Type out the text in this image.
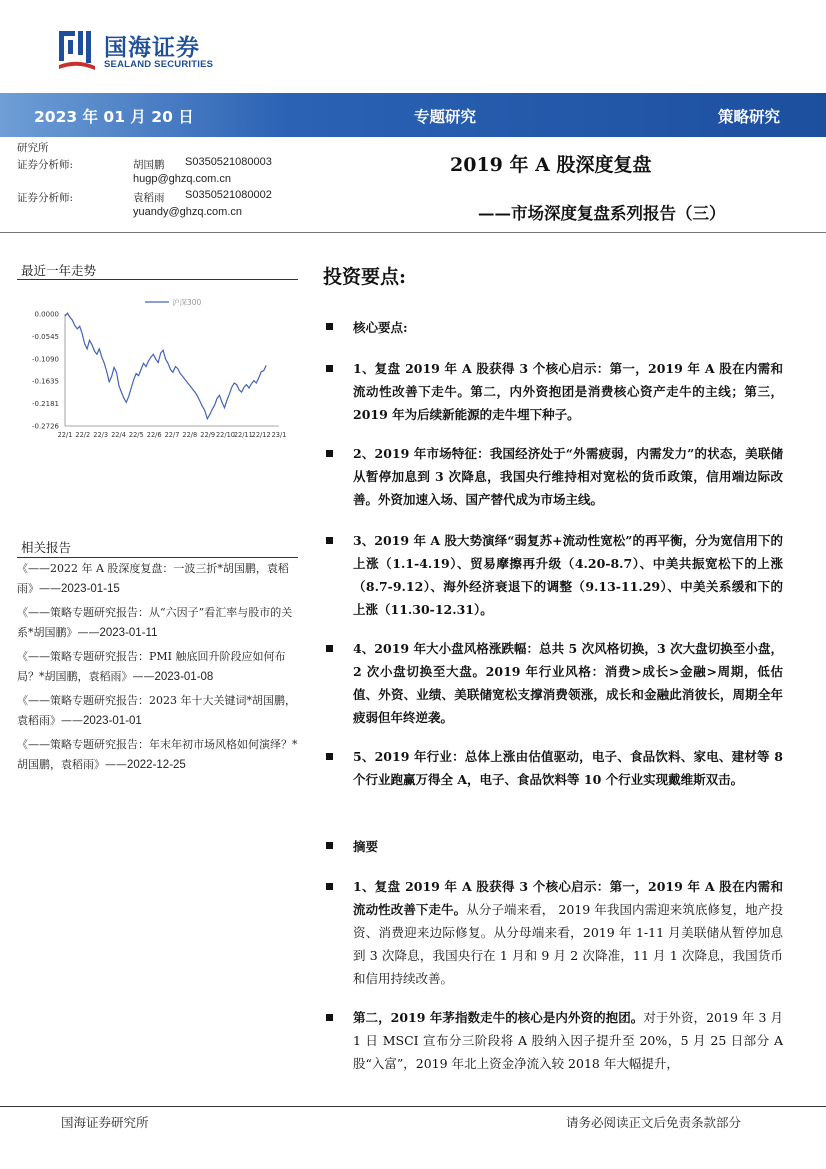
国海证券
SEALAND SECURITIES
2023 年 01 月 20 日	专题研究	策略研究
研究所
证券分析师:	胡国鹏 S0350521080003
hugp@ghzq.com.cn
证券分析师:	袁稻雨 S0350521080002
yuandy@ghzq.com.cn
2019 年 A 股深度复盘
——市场深度复盘系列报告（三）
最近一年走势
0.0000
-0.0545
-0.1090
-0.1635
-0.2181
-0.2726
22/1 22/2 22/3 22/4 22/5 22/6 22/7 22/8 22/9 22/10
22/11
22/12 23/1
沪深300
相关报告
《——2022 年 A 股深度复盘：一波三折*胡国鹏，袁稻雨》——2023-01-15
《——策略专题研究报告：从“六因子”看汇率与股市的关系*胡国鹏》——2023-01-11
《——策略专题研究报告：PMI 触底回升阶段应如何布局？*胡国鹏，袁稻雨》——2023-01-08
《——策略专题研究报告：2023 年十大关键词*胡国鹏，袁稻雨》——2023-01-01
《——策略专题研究报告：年末年初市场风格如何演绎？*胡国鹏，袁稻雨》——2022-12-25
投资要点:
核心要点:
1、复盘 2019 年 A 股获得 3 个核心启示：第一，2019 年 A 股在内需和流动性改善下走牛。第二，内外资抱团是消费核心资产走牛的主线；第三，2019 年为后续新能源的走牛埋下种子。
2、2019 年市场特征：我国经济处于“外需疲弱，内需发力”的状态，美联储从暂停加息到 3 次降息，我国央行维持相对宽松的货币政策，信用端边际改善。外资加速入场、国产替代成为市场主线。
3、2019 年 A 股大势演绎“弱复苏+流动性宽松”的再平衡，分为宽信用下的上涨（1.1-4.19）、贸易摩擦再升级（4.20-8.7）、中美共振宽松下的上涨（8.7-9.12）、海外经济衰退下的调整（9.13-11.29）、中美关系缓和下的上涨（11.30-12.31）。
4、2019 年大小盘风格涨跌幅：总共 5 次风格切换，3 次大盘切换至小盘，2 次小盘切换至大盘。2019 年行业风格：消费>成长>金融>周期，低估值、外资、业绩、美联储宽松支撑消费领涨，成长和金融此消彼长，周期全年疲弱但年终逆袭。
5、2019 年行业：总体上涨由估值驱动，电子、食品饮料、家电、建材等 8 个行业跑赢万得全 A，电子、食品饮料等 10 个行业实现戴维斯双击。
摘要
1、复盘 2019 年 A 股获得 3 个核心启示：第一，2019 年 A 股在内需和流动性改善下走牛。从分子端来看， 2019 年我国内需迎来筑底修复，地产投资、消费迎来边际修复。从分母端来看，2019 年 1-11 月美联储从暂停加息到 3 次降息，我国央行在 1 月和 9 月 2 次降准，11 月 1 次降息，我国货币和信用持续改善。
第二，2019 年茅指数走牛的核心是内外资的抱团。对于外资，2019 年 3 月 1 日 MSCI 宣布分三阶段将 A 股纳入因子提升至 20%，5 月 25 日部分 A 股“入富”，2019 年北上资金净流入较 2018 年大幅提升，
国海证券研究所	请务必阅读正文后免责条款部分
